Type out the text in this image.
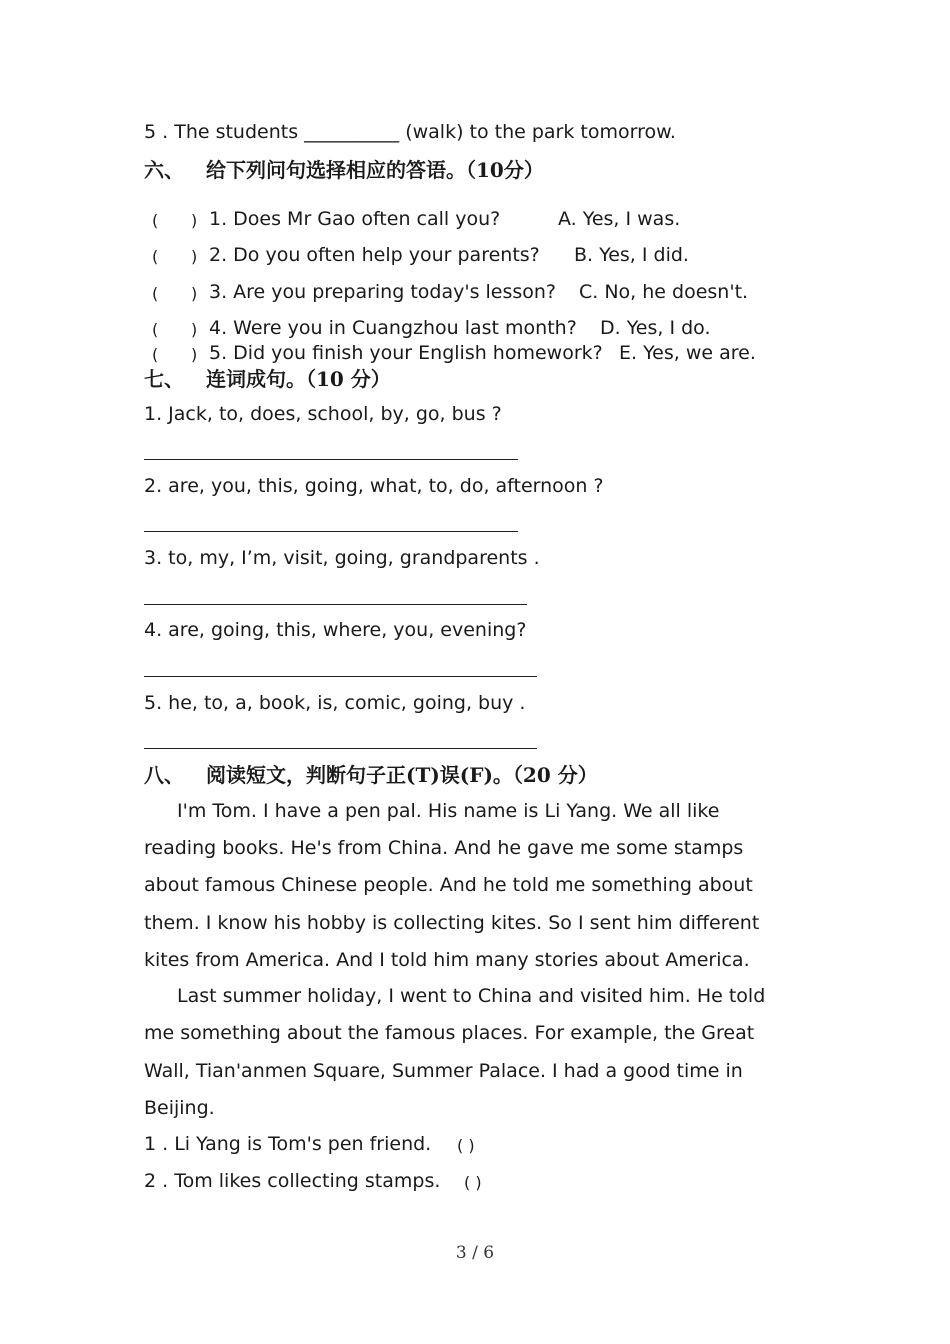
5 . The students __________ (walk) to the park tomorrow.
六、 给下列问句选择相应的答语。（10分）
( ) 1. Does Mr Gao often call you?	A. Yes, I was.
( ) 2. Do you often help your parents? B. Yes, I did.
( ) 3. Are you preparing today's lesson? C. No, he doesn't.
( ) 4. Were you in Cuangzhou last month? D. Yes, I do.
( ) 5. Did you finish your English homework? E. Yes, we are.
七、 连词成句。（10 分）
1. Jack, to, does, school, by, go, bus ?
2. are, you, this, going, what, to, do, afternoon ?
3. to, my, I’m, visit, going, grandparents .
4. are, going, this, where, you, evening?
5. he, to, a, book, is, comic, going, buy .
八、 阅读短文，判断句子正(T)误(F)。（20 分）
I'm Tom. I have a pen pal. His name is Li Yang. We all like
reading books. He's from China. And he gave me some stamps
about famous Chinese people. And he told me something about
them. I know his hobby is collecting kites. So I sent him different
kites from America. And I told him many stories about America.
Last summer holiday, I went to China and visited him. He told
me something about the famous places. For example, the Great
Wall, Tian'anmen Square, Summer Palace. I had a good time in
Beijing.
1 . Li Yang is Tom's pen friend. ( )
2 . Tom likes collecting stamps. ( )
3 / 6
